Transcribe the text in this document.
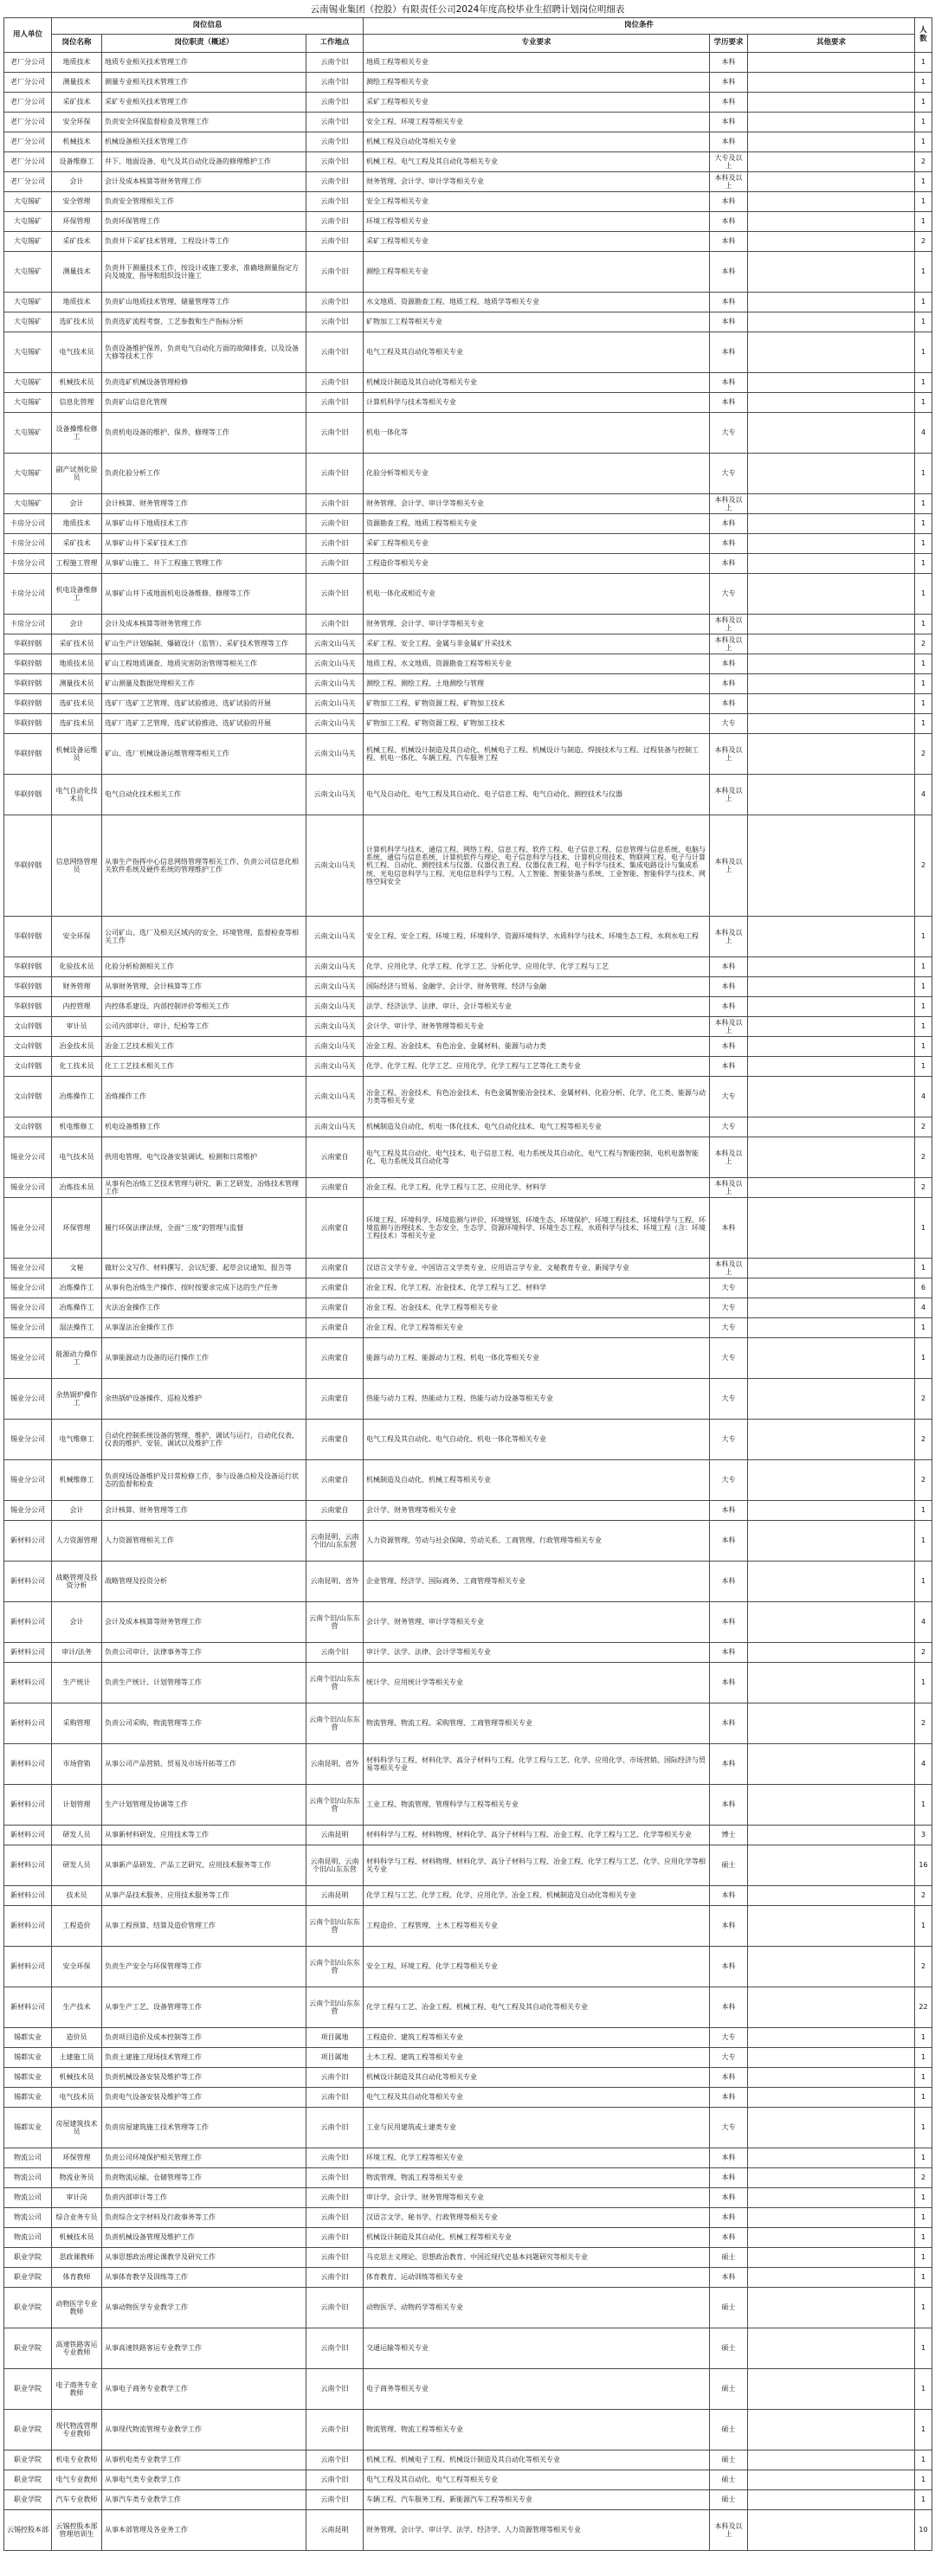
云南锡业集团（控股）有限责任公司2024年度高校毕业生招聘计划岗位明细表
用人单位	岗位信息			岗位条件			人数
	岗位名称	岗位职责（概述）	工作地点	专业要求	学历要求	其他要求	
老厂分公司	地质技术	地质专业相关技术管理工作	云南个旧	地质工程等相关专业	本科		1
老厂分公司	测量技术	测量专业相关技术管理工作	云南个旧	测绘工程等相关专业	本科		1
老厂分公司	采矿技术	采矿专业相关技术管理工作	云南个旧	采矿工程等相关专业	本科		1
老厂分公司	安全环保	负责安全环保监督检查及管理工作	云南个旧	安全工程、环境工程等相关专业	本科		1
老厂分公司	机械技术	机械设备相关技术管理工作	云南个旧	机械工程及自动化等相关专业	本科		1
老厂分公司	设备维修工	井下、地面设备、电气及其自动化设备的修理维护工作	云南个旧	机械工程、电气工程及其自动化等相关专业	大专及以上		2
老厂分公司	会计	会计及成本核算等财务管理工作	云南个旧	财务管理、会计学、审计学等相关专业	本科及以上		1
大屯锡矿	安全管理	负责安全管理相关工作	云南个旧	安全工程等相关专业	本科		1
大屯锡矿	环保管理	负责环保管理工作	云南个旧	环境工程等相关专业	本科		1
大屯锡矿	采矿技术	负责井下采矿技术管理、工程设计等工作	云南个旧	采矿工程等相关专业	本科		2
大屯锡矿	测量技术	负责井下测量技术工作，按设计或施工要求，准确地测量指定方向及坡度，指导和组织设计施工	云南个旧	测绘工程等相关专业	本科		1
大屯锡矿	地质技术	负责矿山地质技术管理、储量管理等工作	云南个旧	水文地质、资源勘查工程、地质工程、地质学等相关专业	本科		1
大屯锡矿	选矿技术员	负责选矿流程考察、工艺参数和生产指标分析	云南个旧	矿物加工工程等相关专业	本科		1
大屯锡矿	电气技术员	负责设备维护保养，负责电气自动化方面的故障排查，以及设备大修等技术工作	云南个旧	电气工程及其自动化等相关专业	本科		1
大屯锡矿	机械技术员	负责选矿机械设备管理检修	云南个旧	机械设计制造及其自动化等相关专业	本科		1
大屯锡矿	信息化管理	负责矿山信息化管理	云南个旧	计算机科学与技术等相关专业	本科		1
大屯锡矿	设备操维检修工	负责机电设备的维护、保养、修理等工作	云南个旧	机电一体化等	大专		4
大屯锡矿	副产试剂化验员	负责化验分析工作	云南个旧	化验分析等相关专业	大专		1
大屯锡矿	会计	会计核算、财务管理等工作	云南个旧	财务管理、会计学、审计学等相关专业	本科及以上		1
卡房分公司	地质技术	从事矿山井下地质技术工作	云南个旧	资源勘查工程、地质工程等相关专业	本科		1
卡房分公司	采矿技术	从事矿山井下采矿技术工作	云南个旧	采矿工程等相关专业	本科		1
卡房分公司	工程施工管理	从事矿山施工、井下工程施工管理工作	云南个旧	工程造价等相关专业	本科		1
卡房分公司	机电设备维修工	从事矿山井下或地面机电设备维修、修理等工作	云南个旧	机电一体化或相近专业	大专		1
卡房分公司	会计	会计及成本核算等财务管理工作	云南个旧	财务管理、会计学、审计学等相关专业	本科及以上		1
华联锌铟	采矿技术员	矿山生产计划编制、爆破设计（监管）、采矿技术管理等工作	云南文山马关	采矿工程、安全工程、金属与非金属矿开采技术	本科及以上		2
华联锌铟	地质技术员	矿山工程地质调查、地质灾害防治管理等相关工作	云南文山马关	地质工程、水文地质、资源勘查工程等相关专业	本科		1
华联锌铟	测量技术员	矿山测量及数据处理相关工作	云南文山马关	测绘工程、测绘工程、土地测绘与管理	本科		1
华联锌铟	选矿技术员	选矿厂选矿工艺管理、选矿试验推进、选矿试验的开展	云南文山马关	矿物加工工程、矿物资源工程、矿物加工技术	本科		1
华联锌铟	选矿技术员	选矿厂选矿工艺管理、选矿试验推进、选矿试验的开展	云南文山马关	矿物加工工程、矿物资源工程、矿物加工技术	大专		1
华联锌铟	机械设备运维员	矿山、选厂机械设备运维管理等相关工作	云南文山马关	机械工程、机械设计制造及其自动化、机械电子工程、机械设计与制造、焊接技术与工程、过程装备与控制工程、机电一体化、车辆工程、汽车服务工程	本科及以上		2
华联锌铟	电气自动化技术员	电气自动化技术相关工作	云南文山马关	电气及自动化、电气工程及其自动化、电子信息工程、电气自动化、测控技术与仪器	本科及以上		4
华联锌铟	信息网络管理员	从事生产指挥中心信息网络管理等相关工作，负责公司信息化相关软件系统及硬件系统的管理维护工作	云南文山马关	计算机科学与技术、通信工程、网络工程、信息工程、软件工程、电子信息工程、信息管理与信息系统、电脑与系统、通信与信息系统、计算机软件与理论、电子信息科学与技术、计算机应用技术、物联网工程、电子与计算机工程、自动化、测控技术与仪器、仪器仪表工程、仪器仪表工程、电子科学与技术、集成电路设计与集成系统、光电信息科学与工程、光电信息科学与工程、人工智能、智能装备与系统、工业智能、智能科学与技术、网络空间安全	本科及以上		2
华联锌铟	安全环保	公司矿山、选厂及相关区域内的安全、环境管理，监督检查等相关工作	云南文山马关	安全工程、安全工程、环境工程、环境科学、资源环境科学、水质科学与技术、环境生态工程、水利水电工程	本科及以上		1
华联锌铟	化验技术员	化验分析检测相关工作	云南文山马关	化学、应用化学、化学工程、化学工艺、分析化学、应用化学、化学工程与工艺	本科		1
华联锌铟	财务管理	从事财务管理、会计核算等工作	云南文山马关	国际经济与贸易、金融学、会计学、财务管理、经济与金融	本科		1
华联锌铟	内控管理	内控体系建设、内部控制评价等相关工作	云南文山马关	法学、经济法学、法律、审计、会计等相关专业	本科		1
文山锌铟	审计员	公司内部审计、审计、纪检等工作	云南文山马关	会计学、审计学、财务管理等相关专业	本科及以上		1
文山锌铟	冶金技术员	冶金工艺技术相关工作	云南文山马关	冶金工程、冶金技术、有色冶金、金属材料、能源与动力类	本科		1
文山锌铟	化工技术员	化工工艺技术相关工作	云南文山马关	化学、化学工程、化学工艺、应用化学、化学工程与工艺等化工类专业	本科		1
文山锌铟	冶炼操作工	冶炼操作工作	云南文山马关	冶金工程、冶金技术、有色冶金技术、有色金属智能冶金技术、金属材料、化验分析、化学、化工类、能源与动力类等相关专业	大专		4
文山锌铟	机电维修工	机电设备维修工作	云南文山马关	机械制造及自动化、机电一体化技术、电气自动化技术、电气工程等相关专业	大专		2
锡业分公司	电气技术员	供用电管理、电气设备安装调试、检测和日常维护	云南蒙自	电气工程及其自动化、电气技术、电子信息工程、电力系统及其自动化、电气工程与智能控制、电机电器智能化、电力系统及其自动化等	本科及以上		2
锡业分公司	冶炼技术员	从事有色冶炼工艺技术管理与研究、新工艺研发、冶炼技术管理工作	云南蒙自	冶金工程、化学工程、化学工程与工艺、应用化学、材料学	本科及以上		2
锡业分公司	环保管理	履行环保法律法规，全面“三废”的管理与监督	云南蒙自	环境工程、环境科学、环境监测与评价、环境规划、环境生态、环境保护、环境工程技术、环境科学与工程、环境监测与治理技术、生态安全、生态学、资源环境科学、环境生态工程、水质科学与技术、环境工程（含：环境工程技术）等相关专业	本科		1
锡业分公司	文秘	做好公文写作、材料撰写、会议纪要、起草会议通知、报告等	云南蒙自	汉语言文学专业、中国语言文学类专业、应用语言学专业、文秘教育专业、新闻学专业	本科及以上		1
锡业分公司	冶炼操作工	从事有色冶炼生产操作、按时按要求完成下达的生产任务	云南蒙自	冶金工程、化学工程、冶金技术、化学工程与工艺、材料学	大专		6
锡业分公司	冶炼操作工	火法冶金操作工作	云南蒙自	冶金工程、冶金技术、化学工程等相关专业	大专		4
锡业分公司	湿法操作工	从事湿法冶金操作工作	云南蒙自	冶金工程、化学工程等相关专业	大专		1
锡业分公司	能源动力操作工	从事能源动力设备的运行操作工作	云南蒙自	能源与动力工程、能源动力工程、机电一体化等相关专业	大专		1
锡业分公司	余热锅炉操作工	余热锅炉设备操作、巡检及维护	云南蒙自	热能与动力工程、热能动力工程、热能与动力设备等相关专业	大专		2
锡业分公司	电气维修工	自动化控制系统设备的管理、维护、调试与运行，自动化仪表、仪表的维护、安装、调试以及维护工作	云南蒙自	电气工程及其自动化、电气自动化、机电一体化等相关专业	大专		2
锡业分公司	机械维修工	负责现场设备维护及日常检修工作，参与设备点检及设备运行状态的监督和检查	云南蒙自	机械制造及自动化、机械工程等相关专业	大专		2
锡业分公司	会计	会计核算、财务管理等工作	云南蒙自	会计学、财务管理等相关专业	本科		1
新材料公司	人力资源管理	人力资源管理相关工作	云南昆明、云南个旧/山东东营	人力资源管理、劳动与社会保障、劳动关系、工商管理、行政管理等相关专业	本科		1
新材料公司	战略管理及投资分析	战略管理及投资分析	云南昆明、省外	企业管理、经济学、国际商务、工商管理等相关专业	本科		1
新材料公司	会计	会计及成本核算等财务管理工作	云南个旧/山东东营	会计学、财务管理、审计学等相关专业	本科		4
新材料公司	审计/法务	负责公司审计、法律事务等工作	云南个旧	审计学、法学、法律、会计学等相关专业	本科		2
新材料公司	生产统计	负责生产统计、计划管理等工作	云南个旧/山东东营	统计学、应用统计学等相关专业	本科		1
新材料公司	采购管理	负责公司采购、物流管理等工作	云南个旧/山东东营	物流管理、物流工程、采购管理、工商管理等相关专业	本科		2
新材料公司	市场营销	从事公司产品营销、贸易及市场开拓等工作	云南昆明、省外	材料科学与工程、材料化学、高分子材料与工程、化学工程与工艺、化学、应用化学、市场营销、国际经济与贸易等相关专业	本科		4
新材料公司	计划管理	生产计划管理及协调等工作	云南个旧/山东东营	工业工程、物流管理、管理科学与工程等相关专业	本科		1
新材料公司	研发人员	从事新材料研发、应用技术等工作	云南昆明	材料科学与工程、材料物理、材料化学、高分子材料与工程、冶金工程、化学工程与工艺、化学等相关专业	博士		3
新材料公司	研发人员	从事新产品研发、产品工艺研究、应用技术服务等工作	云南昆明、云南个旧/山东东营	材料科学与工程、材料物理、材料化学、高分子材料与工程、冶金工程、化学工程与工艺、化学、应用化学等相关专业	硕士		16
新材料公司	技术员	从事产品技术服务、应用技术服务等工作	云南昆明	化学工程与工艺、化学工程、化学、应用化学、冶金工程、机械制造及自动化等相关专业	本科		2
新材料公司	工程造价	从事工程预算、结算及造价管理工作	云南个旧/山东东营	工程造价、工程管理、土木工程等相关专业	本科		1
新材料公司	安全环保	负责生产安全与环保管理等工作	云南个旧/山东东营	安全工程、环境工程、化学工程等相关专业	本科		2
新材料公司	生产技术	从事生产工艺、设备管理等工作	云南个旧/山东东营	化学工程与工艺、冶金工程、机械工程、电气工程及其自动化等相关专业	本科		22
锡都实业	造价员	负责项目造价及成本控制等工作	项目属地	工程造价、建筑工程等相关专业	大专		1
锡都实业	土建施工员	负责土建施工现场技术管理工作	项目属地	土木工程、建筑工程等相关专业	大专		1
锡都实业	机械技术员	负责机械设备安装及维护等工作	云南个旧	机械设计制造及其自动化等相关专业	本科		1
锡都实业	电气技术员	负责电气设备安装及维护等工作	云南个旧	电气工程及其自动化等相关专业	本科		1
锡都实业	房屋建筑技术员	负责房屋建筑施工技术管理等工作	云南个旧	工业与民用建筑或土建类专业	大专		1
物流公司	环保管理	负责公司环境保护相关管理工作	云南个旧	环境工程、化学工程等相关专业	本科		1
物流公司	物流业务员	负责物流运输、仓储管理等工作	云南个旧	物流管理、物流工程等相关专业	本科		2
物流公司	审计岗	负责内部审计等工作	云南个旧	审计学、会计学、财务管理等相关专业	本科		1
物流公司	综合业务专员	负责综合文字材料及行政事务等工作	云南个旧	汉语言文学、秘书学、行政管理等相关专业	本科		1
物流公司	机械技术员	负责机械设备管理及维护工作	云南个旧	机械设计制造及其自动化、机械工程等相关专业	本科		1
职业学院	思政课教师	从事思想政治理论课教学及研究工作	云南个旧	马克思主义理论、思想政治教育、中国近现代史基本问题研究等相关专业	硕士		1
职业学院	体育教师	从事体育教学及训练等工作	云南个旧	体育教育、运动训练等相关专业	本科		1
职业学院	动物医学专业教师	从事动物医学专业教学工作	云南个旧	动物医学、动物药学等相关专业	硕士		1
职业学院	高速铁路客运专业教师	从事高速铁路客运专业教学工作	云南个旧	交通运输等相关专业	硕士		1
职业学院	电子商务专业教师	从事电子商务专业教学工作	云南个旧	电子商务等相关专业	硕士		1
职业学院	现代物流管理专业教师	从事现代物流管理专业教学工作	云南个旧	物流管理、物流工程等相关专业	硕士		1
职业学院	机电专业教师	从事机电类专业教学工作	云南个旧	机械工程、机械电子工程、机械设计制造及其自动化等相关专业	硕士		1
职业学院	电气专业教师	从事电气类专业教学工作	云南个旧	电气工程及其自动化、电气工程等相关专业	硕士		1
职业学院	汽车专业教师	从事汽车类专业教学工作	云南个旧	车辆工程、汽车服务工程、新能源汽车工程等相关专业	硕士		1
云锡控股本部	云锡控股本部管理培训生	从事本部管理及各业务工作	云南昆明	财务管理、会计学、审计学、法学、经济学、人力资源管理等相关专业	本科及以上		10
